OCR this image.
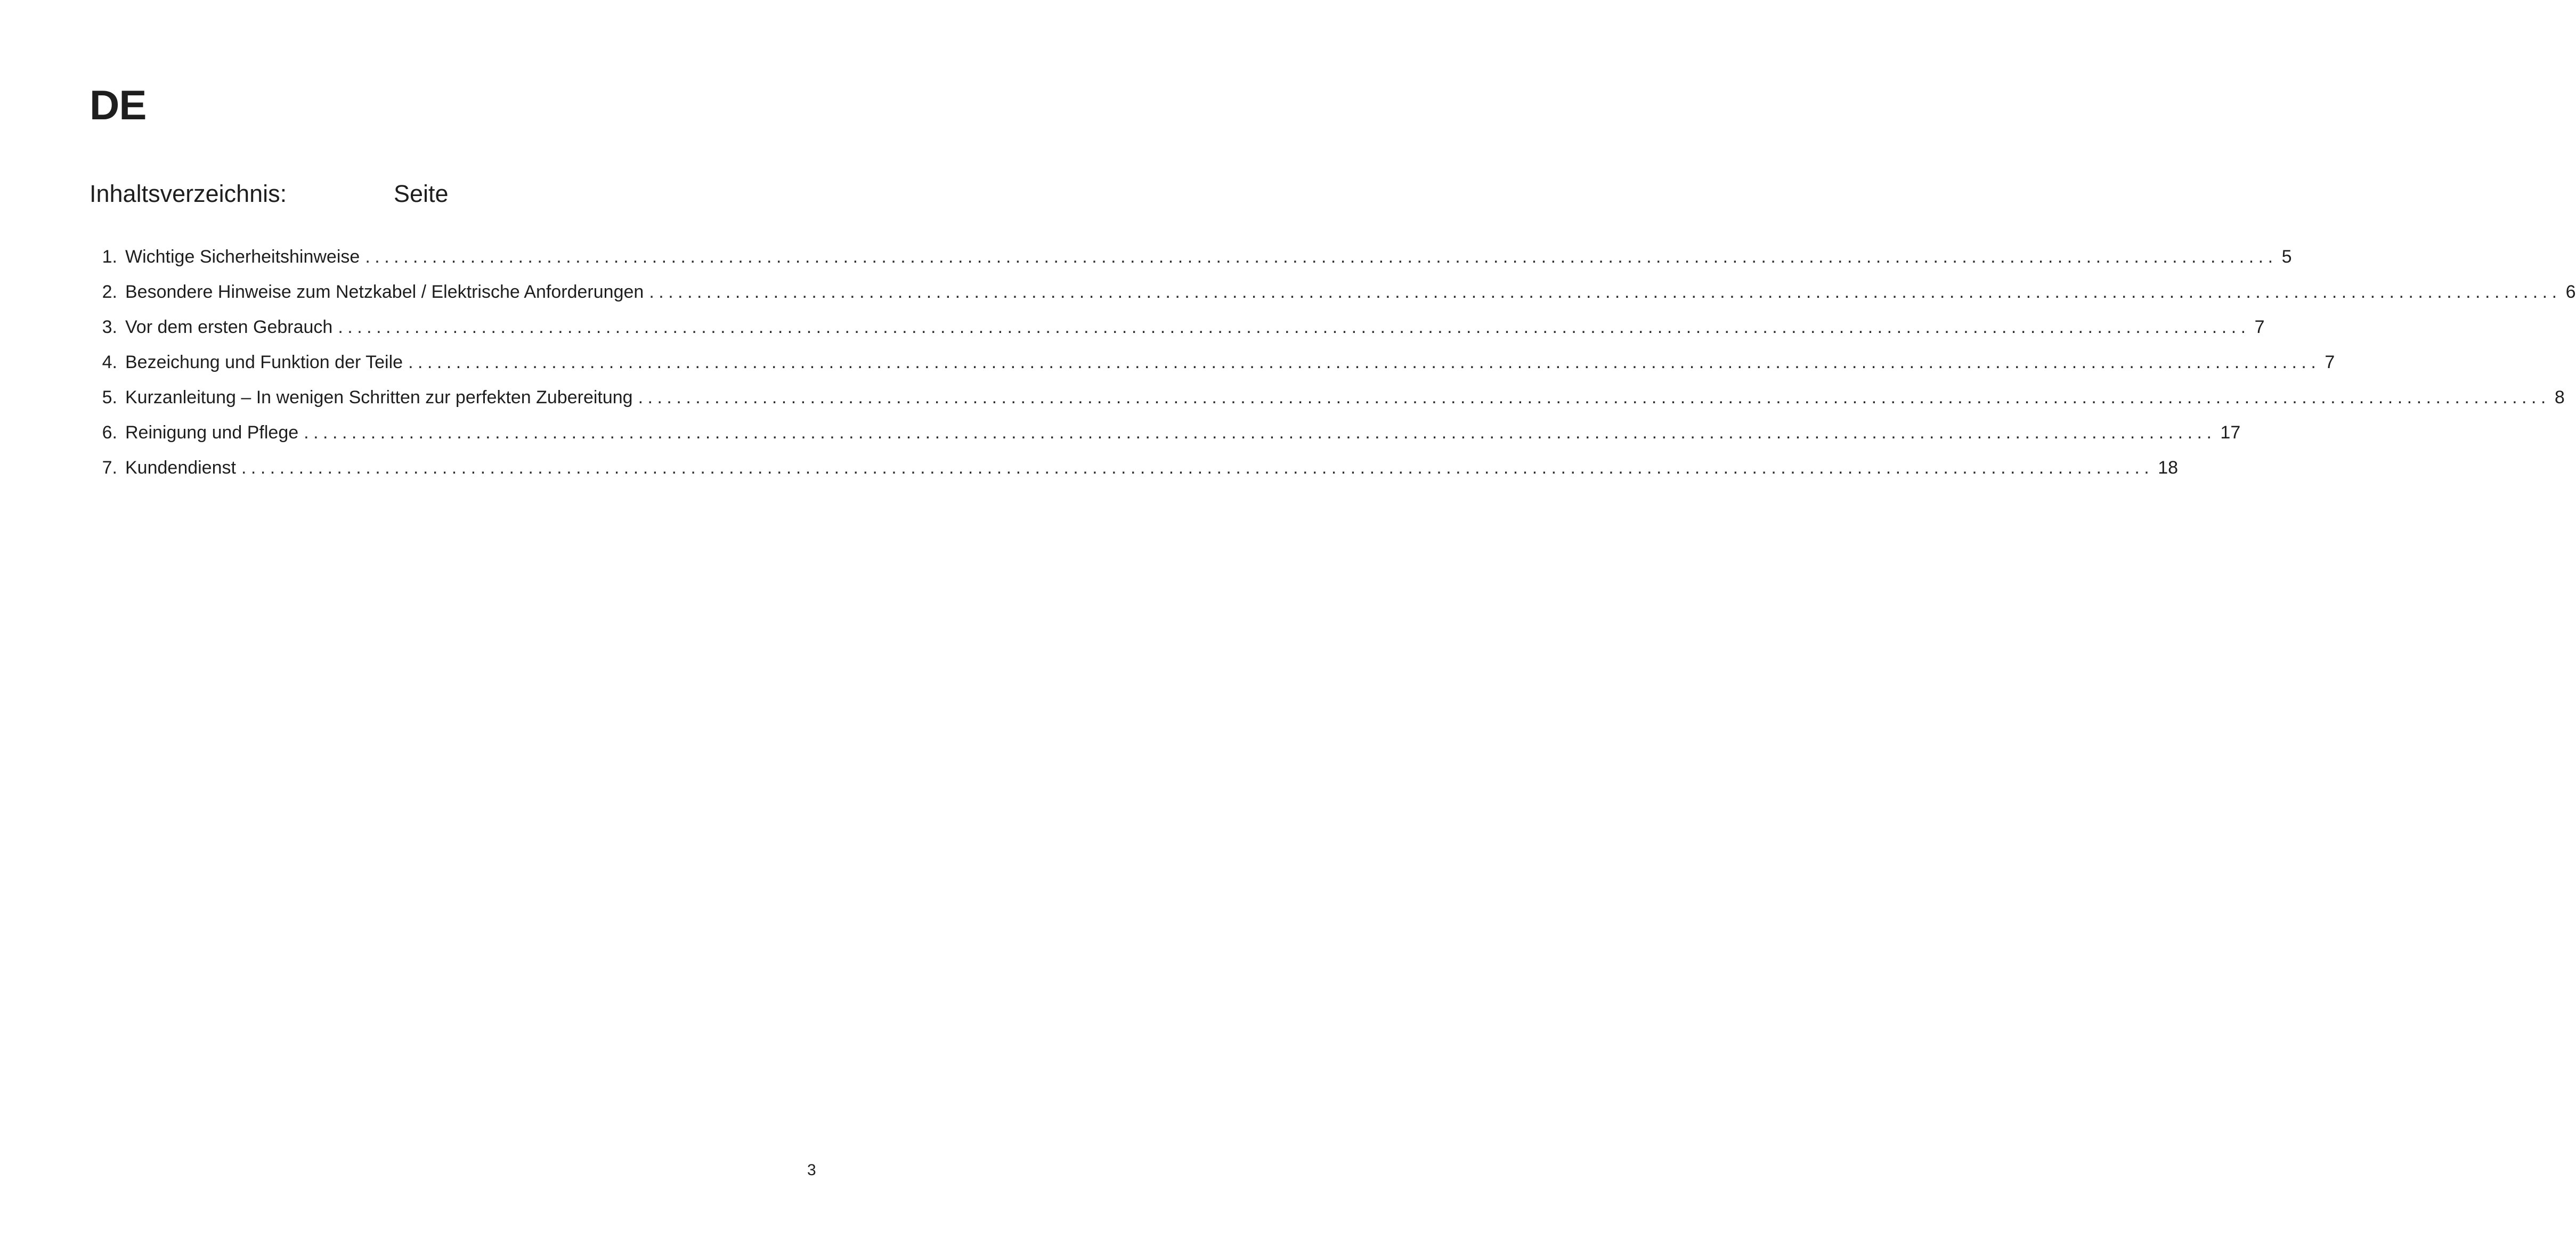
DE
Inhaltsverzeichnis:	Seite
1. Wichtige Sicherheitshinweise ........................................................................................................................................................................................................ 5
2. Besondere Hinweise zum Netzkabel / Elektrische Anforderungen ........................................................................................................................................................................................................ 6
3. Vor dem ersten Gebrauch ........................................................................................................................................................................................................ 7
4. Bezeichung und Funktion der Teile ........................................................................................................................................................................................................ 7
5. Kurzanleitung – In wenigen Schritten zur perfekten Zubereitung ........................................................................................................................................................................................................ 8
6. Reinigung und Pflege ........................................................................................................................................................................................................ 17
7. Kundendienst ........................................................................................................................................................................................................ 18
3
